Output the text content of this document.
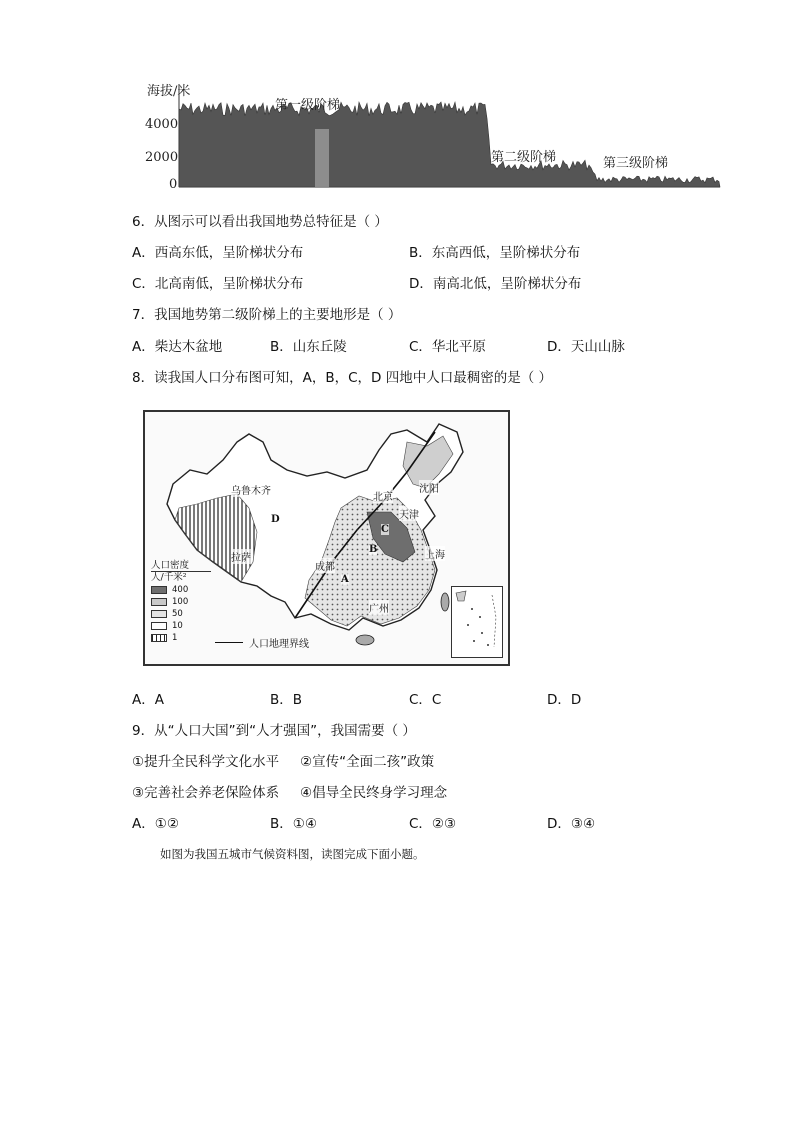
海拔/米
4000
2000
0
第一级阶梯
第二级阶梯	第三级阶梯
6．从图示可以看出我国地势总特征是（ ）
A．西高东低，呈阶梯状分布	B．东高西低，呈阶梯状分布
C．北高南低，呈阶梯状分布	D．南高北低，呈阶梯状分布
7．我国地势第二级阶梯上的主要地形是（ ）
A．柴达木盆地	B．山东丘陵	C．华北平原	D．天山山脉
8．读我国人口分布图可知，A，B，C，D 四地中人口最稠密的是（ ）
乌鲁木齐
拉萨
成都
北京
天津
沈阳
上海
广州
D
A
C
B
人口密度
人/千米²
400
100
50
10
1
人口地理界线
A．A	B．B	C．C	D．D
9．从“人口大国”到“人才强国”，我国需要（ ）
①提升全民科学文化水平 ②宣传“全面二孩”政策
③完善社会养老保险体系 ④倡导全民终身学习理念
A．①②	B．①④	C．②③	D．③④
如图为我国五城市气候资料图，读图完成下面小题。
